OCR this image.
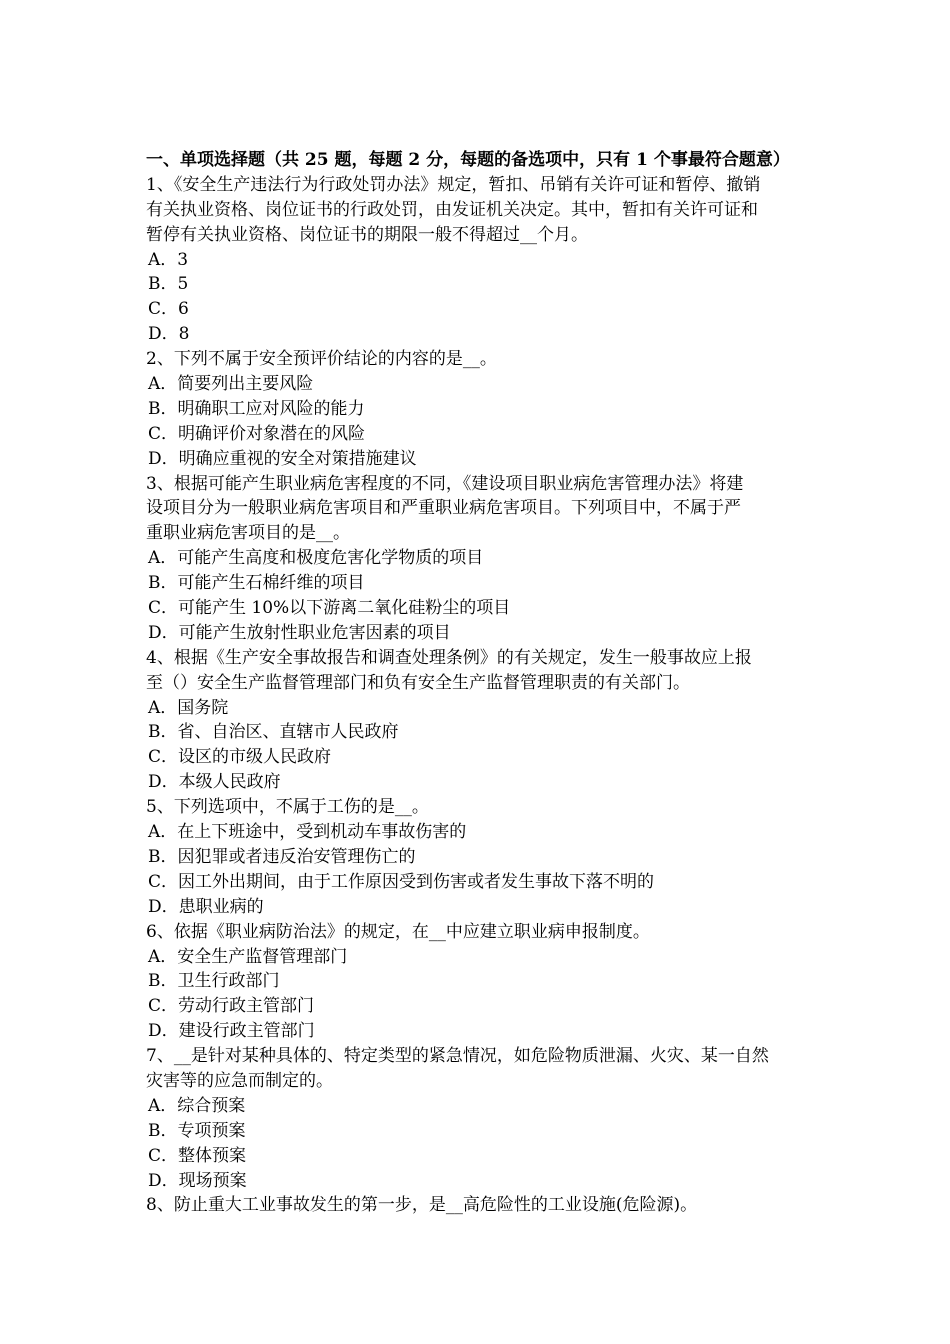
一、单项选择题（共 25 题，每题 2 分，每题的备选项中，只有 1 个事最符合题意）
1、《安全生产违法行为行政处罚办法》规定，暂扣、吊销有关许可证和暂停、撤销
有关执业资格、岗位证书的行政处罚，由发证机关决定。其中，暂扣有关许可证和
暂停有关执业资格、岗位证书的期限一般不得超过__个月。
A．3
B．5
C．6
D．8
2、下列不属于安全预评价结论的内容的是__。
A．简要列出主要风险
B．明确职工应对风险的能力
C．明确评价对象潜在的风险
D．明确应重视的安全对策措施建议
3、根据可能产生职业病危害程度的不同，《建设项目职业病危害管理办法》将建
设项目分为一般职业病危害项目和严重职业病危害项目。下列项目中，不属于严
重职业病危害项目的是__。
A．可能产生高度和极度危害化学物质的项目
B．可能产生石棉纤维的项目
C．可能产生 10%以下游离二氧化硅粉尘的项目
D．可能产生放射性职业危害因素的项目
4、根据《生产安全事故报告和调查处理条例》的有关规定，发生一般事故应上报
至（）安全生产监督管理部门和负有安全生产监督管理职责的有关部门。
A．国务院
B．省、自治区、直辖市人民政府
C．设区的市级人民政府
D．本级人民政府
5、下列选项中，不属于工伤的是__。
A．在上下班途中，受到机动车事故伤害的
B．因犯罪或者违反治安管理伤亡的
C．因工外出期间，由于工作原因受到伤害或者发生事故下落不明的
D．患职业病的
6、依据《职业病防治法》的规定，在__中应建立职业病申报制度。
A．安全生产监督管理部门
B．卫生行政部门
C．劳动行政主管部门
D．建设行政主管部门
7、__是针对某种具体的、特定类型的紧急情况，如危险物质泄漏、火灾、某一自然
灾害等的应急而制定的。
A．综合预案
B．专项预案
C．整体预案
D．现场预案
8、防止重大工业事故发生的第一步，是__高危险性的工业设施(危险源)。
